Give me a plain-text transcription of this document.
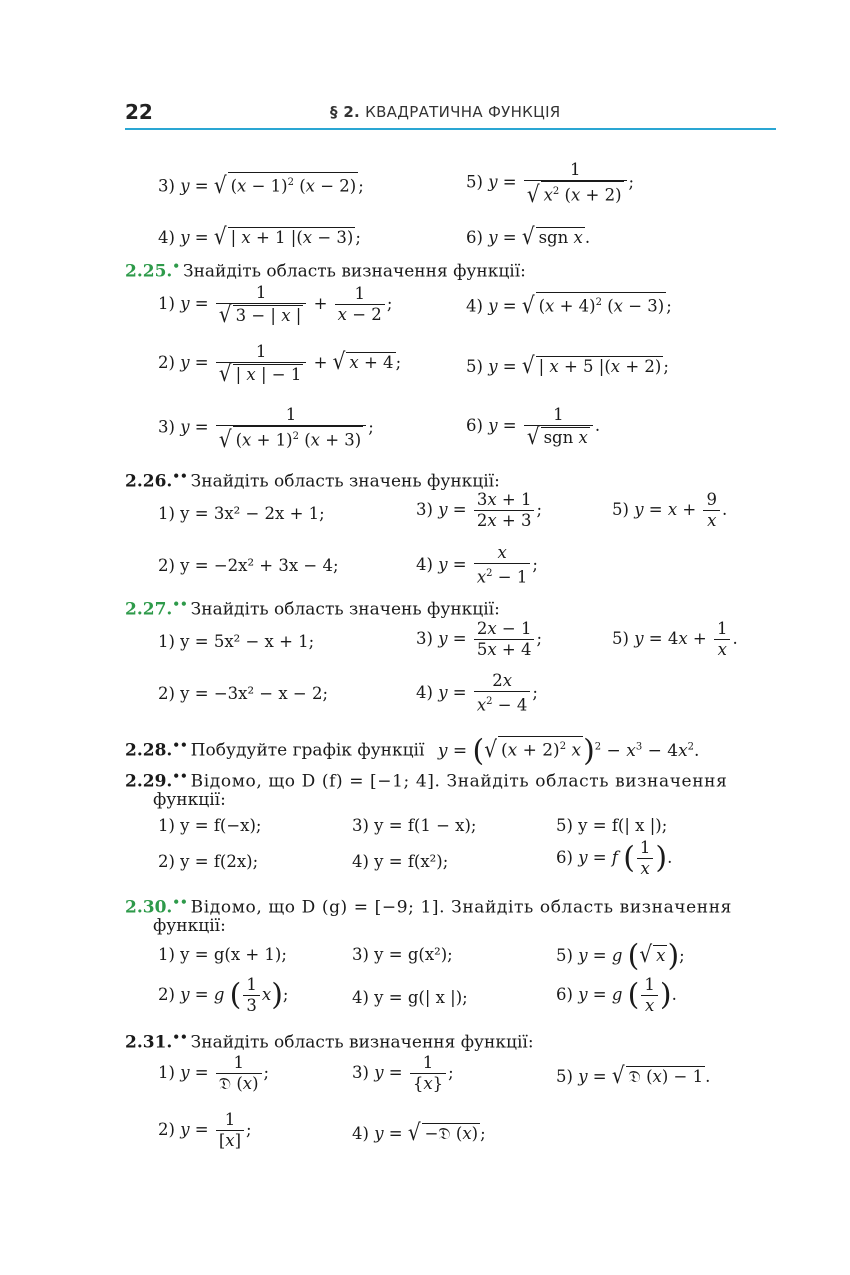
22	§ 2. КВАДРАТИЧНА ФУНКЦІЯ
3) y = √ $(x - 1)^2$ (x − 2) ;	5) $y = \frac{1}{√ x^2 (x + 2)}$ ;
4) y = √ | x + 1 |(x − 3) ;	6) y = √ sgn x .
2.25.• Знайдіть область визначення функції:
1) $y = \frac{1}{√ 3 - | x |} + \frac{1}{x - 2}$ ;	4) y = √ $(x + 4)^2$ (x − 3) ;
2) $y = \frac{1}{√ | x | - 1}$ + √ x + 4 ;	5) y = √ | x + 5 |(x + 2) ;
3) $y = \frac{1}{√ (x + 1)^2 (x + 3)}$ ;	6) $y = \frac{1}{\text{√ sgn x}}$ .
2.26.•• Знайдіть область значень функції:
1) y = 3x² − 2x + 1;	3) $y = \frac{3x + 1}{2x + 3}$ ;	5) $y = x + \frac{9}{x}$ .
2) y = −2x² + 3x − 4;	4) $y = \frac{x}{x^2 - 1}$ ;
2.27.•• Знайдіть область значень функції:
1) y = 5x² − x + 1;	3) $y = \frac{2x - 1}{5x + 4}$ ;	5) $y = 4x + \frac{1}{x}$ .
2) y = −3x² − x − 2;	4) $y = \frac{2x}{x^2 - 4}$ ;
2.28.•• Побудуйте графік функції y = (√ $(x + 2)^2$ $x)^2 - x^3 - 4x^2$.
2.29.•• Відомо, що D (f) = [−1; 4]. Знайдіть область визначення
функції:
1) y = f(−x);	3) y = f(1 − x);	5) y = f(| x |);
2) y = f(2x);	4) y = f(x²);	6) y = f ( $\frac{1}{x}$ ).
2.30.•• Відомо, що D (g) = [−9; 1]. Знайдіть область визначення
функції:
1) y = g(x + 1);	3) y = g(x²);	5) y = g (√ x);
2) y = g ( $\frac{1}{3} x$);	4) y = g(| x |);	6) y = g ( $\frac{1}{x}$ ).
2.31.•• Знайдіть область визначення функції:
1) $y = \frac{1}{\text{𝔇 (x)}}$ ;	3) $y = \frac{1}{\{x\}}$ ;	5) y = √ 𝔇 (x) − 1 .
2) $y = \frac{1}{[x]}$ ;	4) y = √ −𝔇 (x) ;
